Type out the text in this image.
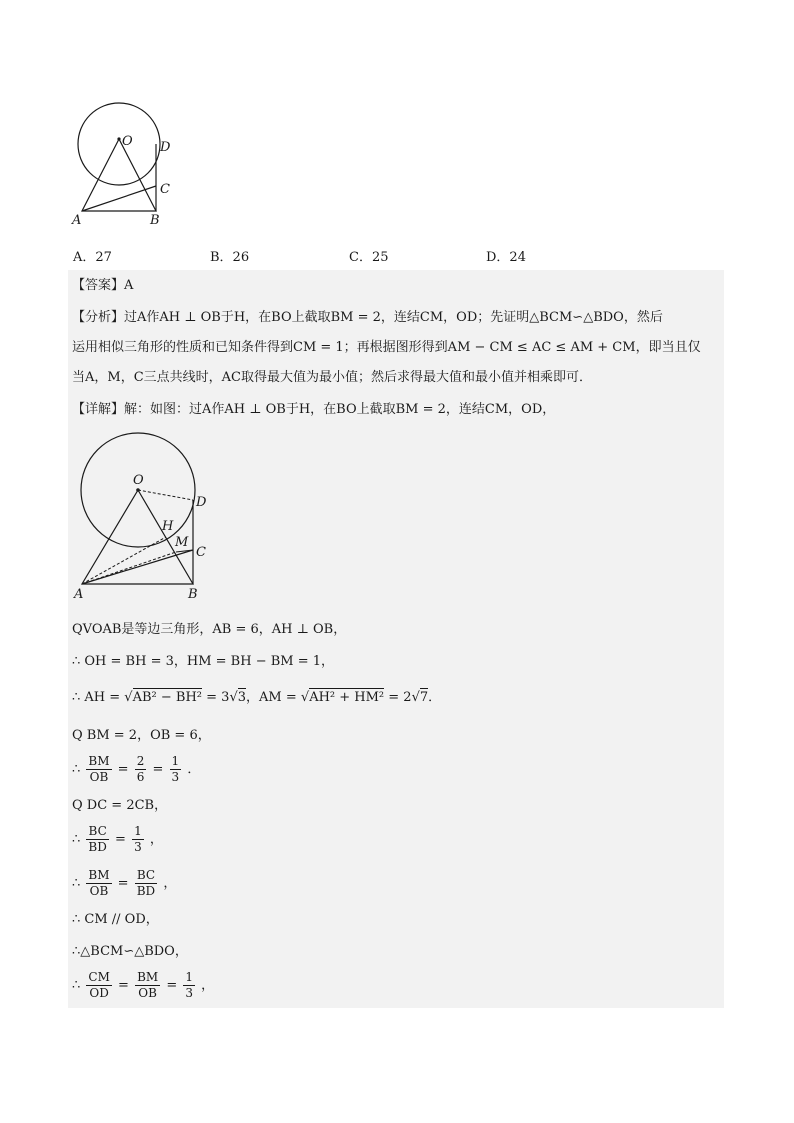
O D
C
A	B
A．27	B．26	C．25	D．24
【答案】A
【分析】过A作AH ⊥ OB于H，在BO上截取BM = 2，连结CM，OD；先证明△BCM∽△BDO，然后
运用相似三角形的性质和已知条件得到CM = 1；再根据图形得到AM − CM ≤ AC ≤ AM + CM，即当且仅
当A，M，C三点共线时，AC取得最大值为最小值；然后求得最大值和最小值并相乘即可．
【详解】解：如图：过A作AH ⊥ OB于H，在BO上截取BM = 2，连结CM，OD，
O
D
H
M
C
A	B
QVOAB是等边三角形，AB = 6，AH ⊥ OB，
∴ OH = BH = 3，HM = BH − BM = 1，
∴ AH = √AB² − BH² = 3√3，AM = √AH² + HM² = 2√7．
Q BM = 2，OB = 6，
∴ $\frac{BM}{OB} = \frac{2}{6} = \frac{1}{3}$ ．
Q DC = 2CB，
∴ $\frac{BC}{BD} = \frac{1}{3}$ ，
∴ $\frac{BM}{OB} = \frac{BC}{BD}$ ，
∴ CM // OD，
∴△BCM∽△BDO，
∴ $\frac{CM}{OD} = \frac{BM}{OB} = \frac{1}{3}$ ，
